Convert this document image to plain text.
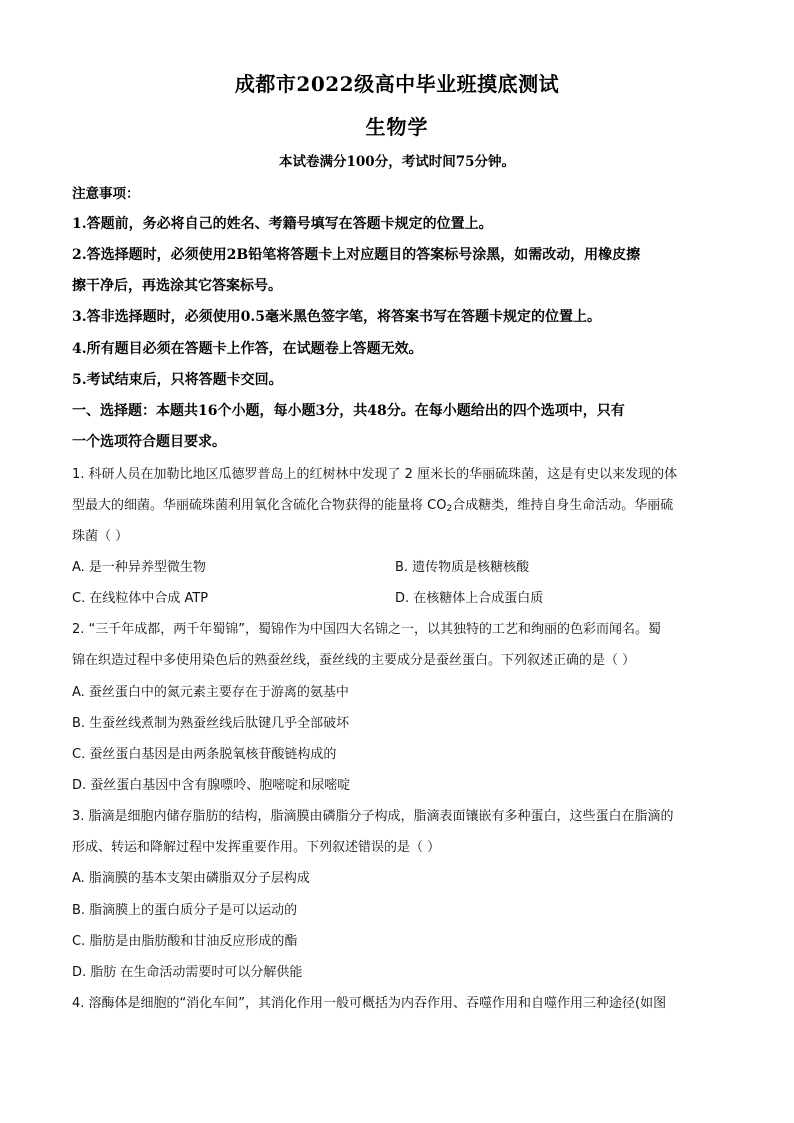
成都市2022级高中毕业班摸底测试
生物学
本试卷满分100分，考试时间75分钟。
注意事项：
1.答题前，务必将自己的姓名、考籍号填写在答题卡规定的位置上。
2.答选择题时，必须使用2B铅笔将答题卡上对应题目的答案标号涂黑，如需改动，用橡皮擦
擦干净后，再选涂其它答案标号。
3.答非选择题时，必须使用0.5毫米黑色签字笔，将答案书写在答题卡规定的位置上。
4.所有题目必须在答题卡上作答，在试题卷上答题无效。
5.考试结束后，只将答题卡交回。
一、选择题：本题共16个小题，每小题3分，共48分。在每小题给出的四个选项中，只有
一个选项符合题目要求。
1. 科研人员在加勒比地区瓜德罗普岛上的红树林中发现了 2 厘米长的华丽硫珠菌，这是有史以来发现的体
型最大的细菌。华丽硫珠菌利用氧化含硫化合物获得的能量将 $CO_2$合成糖类，维持自身生命活动。华丽硫
珠菌（ ）
A. 是一种异养型微生物	B. 遗传物质是核糖核酸
C. 在线粒体中合成 ATP	D. 在核糖体上合成蛋白质
2. “三千年成都，两千年蜀锦”，蜀锦作为中国四大名锦之一，以其独特的工艺和绚丽的色彩而闻名。蜀
锦在织造过程中多使用染色后的熟蚕丝线，蚕丝线的主要成分是蚕丝蛋白。下列叙述正确的是（ ）
A. 蚕丝蛋白中的氮元素主要存在于游离的氨基中
B. 生蚕丝线煮制为熟蚕丝线后肽键几乎全部破坏
C. 蚕丝蛋白基因是由两条脱氧核苷酸链构成的
D. 蚕丝蛋白基因中含有腺嘌呤、胞嘧啶和尿嘧啶
3. 脂滴是细胞内储存脂肪的结构，脂滴膜由磷脂分子构成，脂滴表面镶嵌有多种蛋白，这些蛋白在脂滴的
形成、转运和降解过程中发挥重要作用。下列叙述错误的是（ ）
A. 脂滴膜的基本支架由磷脂双分子层构成
B. 脂滴膜上的蛋白质分子是可以运动的
C. 脂肪是由脂肪酸和甘油反应形成的酯
D. 脂肪 在生命活动需要时可以分解供能
4. 溶酶体是细胞的“消化车间”，其消化作用一般可概括为内吞作用、吞噬作用和自噬作用三种途径(如图
